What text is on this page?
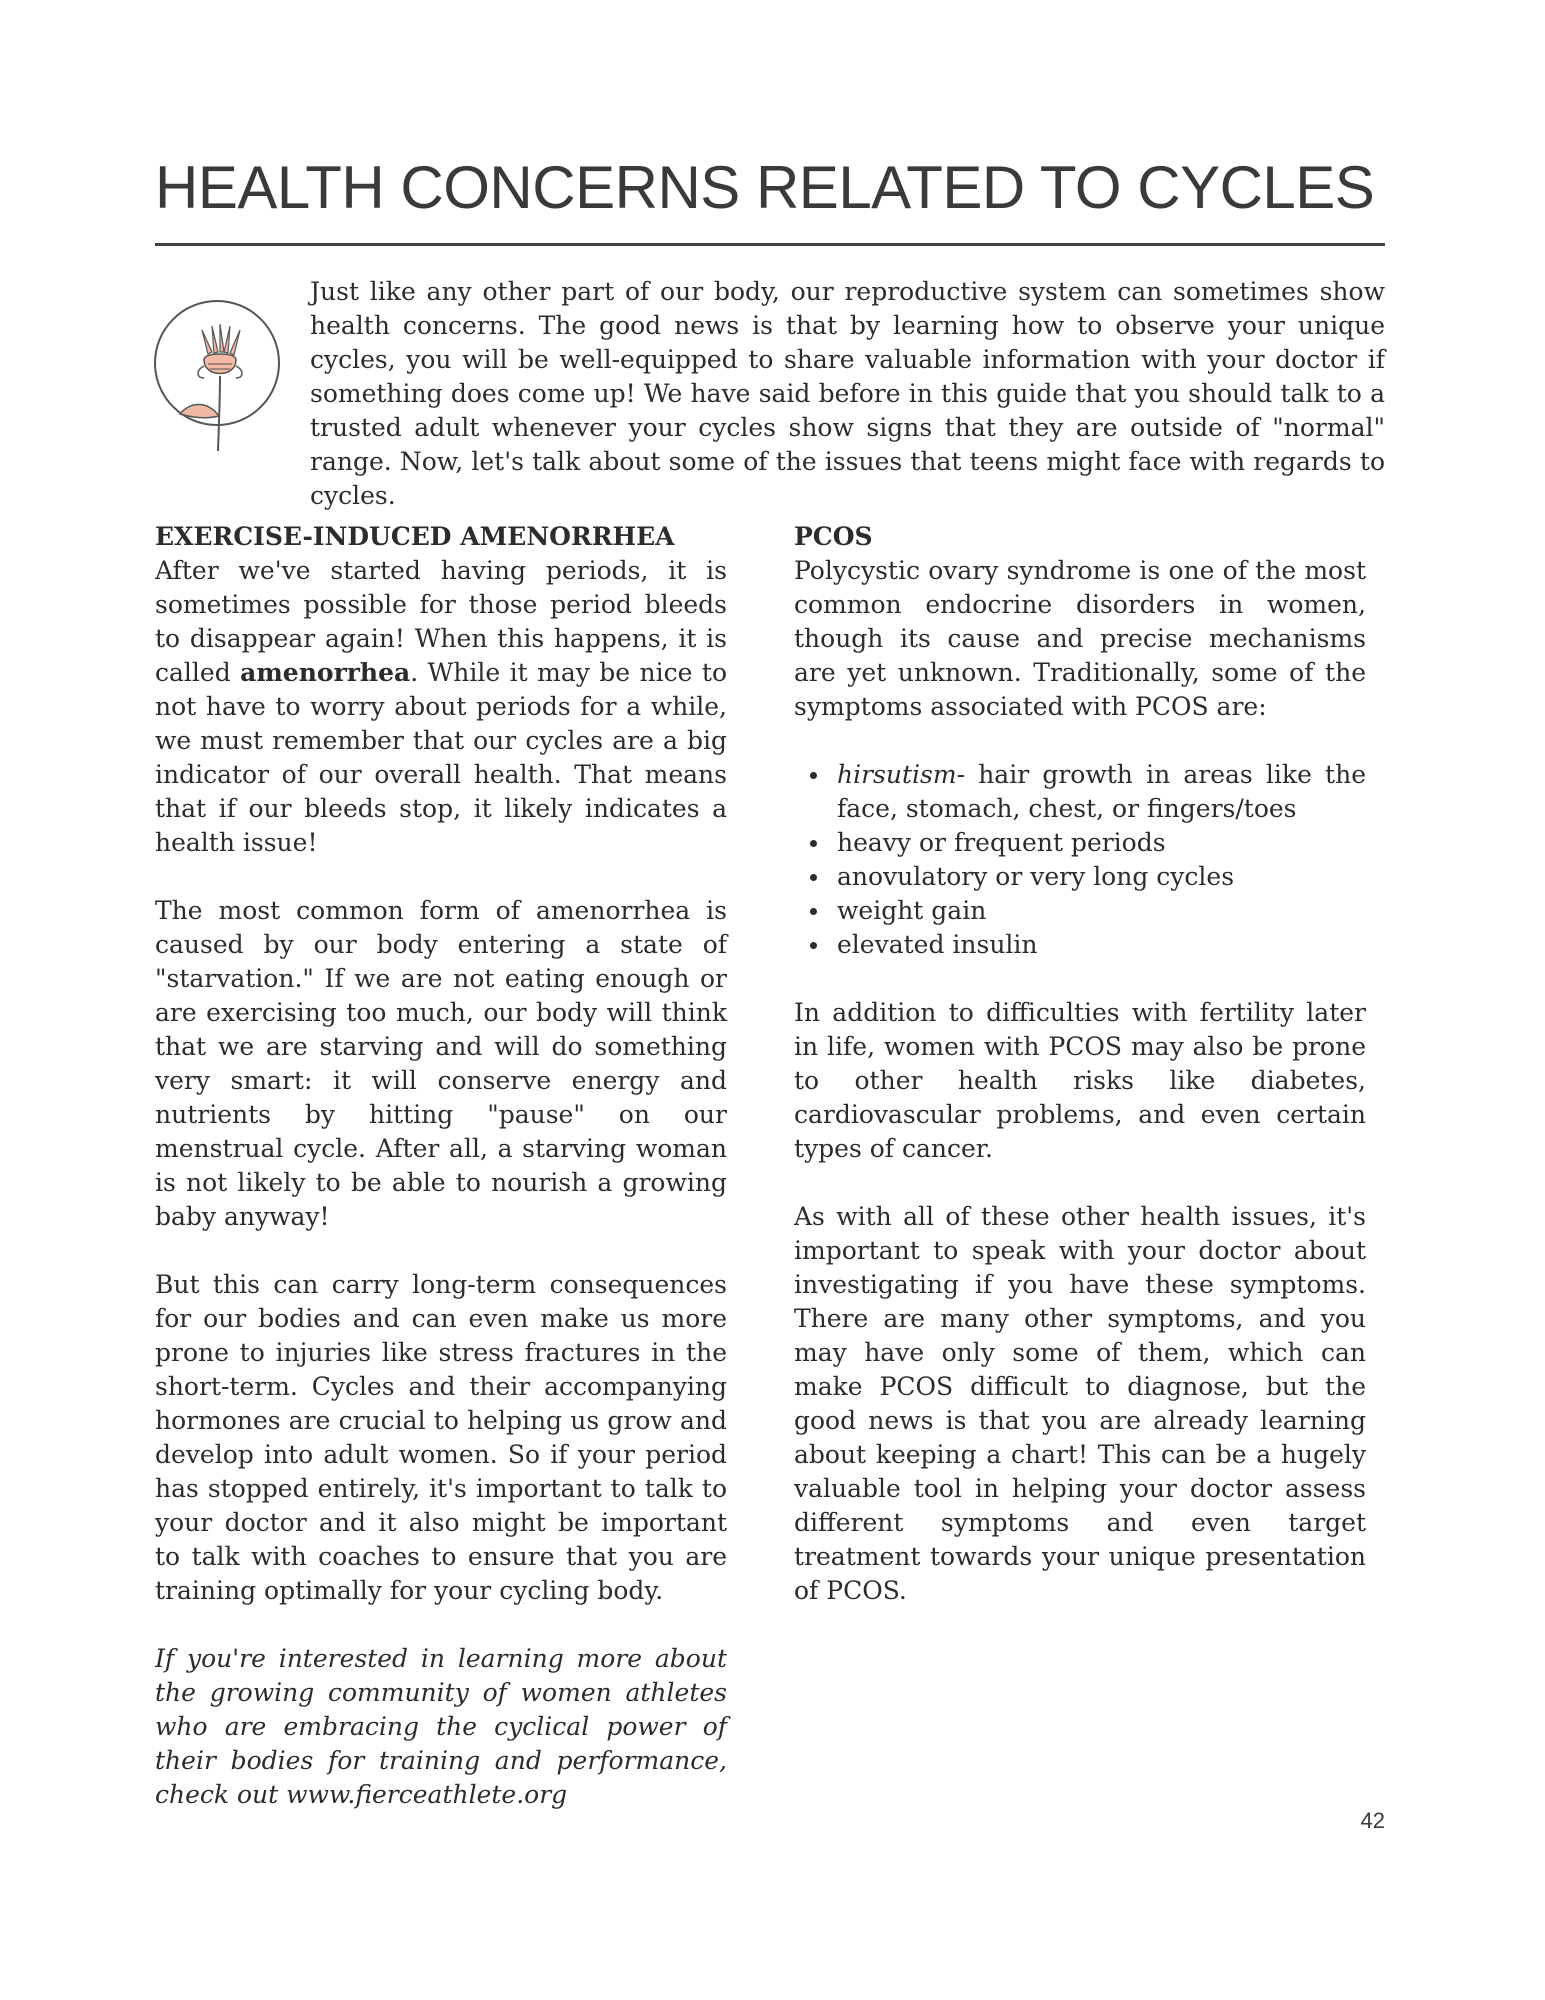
HEALTH CONCERNS RELATED TO CYCLES

Just like any other part of our body, our reproductive system can sometimes show health concerns. The good news is that by learning how to observe your unique cycles, you will be well-equipped to share valuable information with your doctor if something does come up! We have said before in this guide that you should talk to a trusted adult whenever your cycles show signs that they are outside of "normal" range. Now, let's talk about some of the issues that teens might face with regards to cycles.

EXERCISE-INDUCED AMENORRHEA

After we've started having periods, it is sometimes possible for those period bleeds to disappear again! When this happens, it is called amenorrhea. While it may be nice to not have to worry about periods for a while, we must remember that our cycles are a big indicator of our overall health. That means that if our bleeds stop, it likely indicates a health issue!

The most common form of amenorrhea is caused by our body entering a state of "starvation." If we are not eating enough or are exercising too much, our body will think that we are starving and will do something very smart: it will conserve energy and nutrients by hitting "pause" on our menstrual cycle. After all, a starving woman is not likely to be able to nourish a growing baby anyway!

But this can carry long-term consequences for our bodies and can even make us more prone to injuries like stress fractures in the short-term. Cycles and their accompanying hormones are crucial to helping us grow and develop into adult women. So if your period has stopped entirely, it's important to talk to your doctor and it also might be important to talk with coaches to ensure that you are training optimally for your cycling body.

If you're interested in learning more about the growing community of women athletes who are embracing the cyclical power of their bodies for training and performance, check out www.fierceathlete.org

PCOS

Polycystic ovary syndrome is one of the most common endocrine disorders in women, though its cause and precise mechanisms are yet unknown. Traditionally, some of the symptoms associated with PCOS are:

hirsutism- hair growth in areas like the face, stomach, chest, or fingers/toes
heavy or frequent periods
anovulatory or very long cycles
weight gain
elevated insulin

In addition to difficulties with fertility later in life, women with PCOS may also be prone to other health risks like diabetes, cardiovascular problems, and even certain types of cancer.

As with all of these other health issues, it's important to speak with your doctor about investigating if you have these symptoms. There are many other symptoms, and you may have only some of them, which can make PCOS difficult to diagnose, but the good news is that you are already learning about keeping a chart! This can be a hugely valuable tool in helping your doctor assess different symptoms and even target treatment towards your unique presentation of PCOS.

42
